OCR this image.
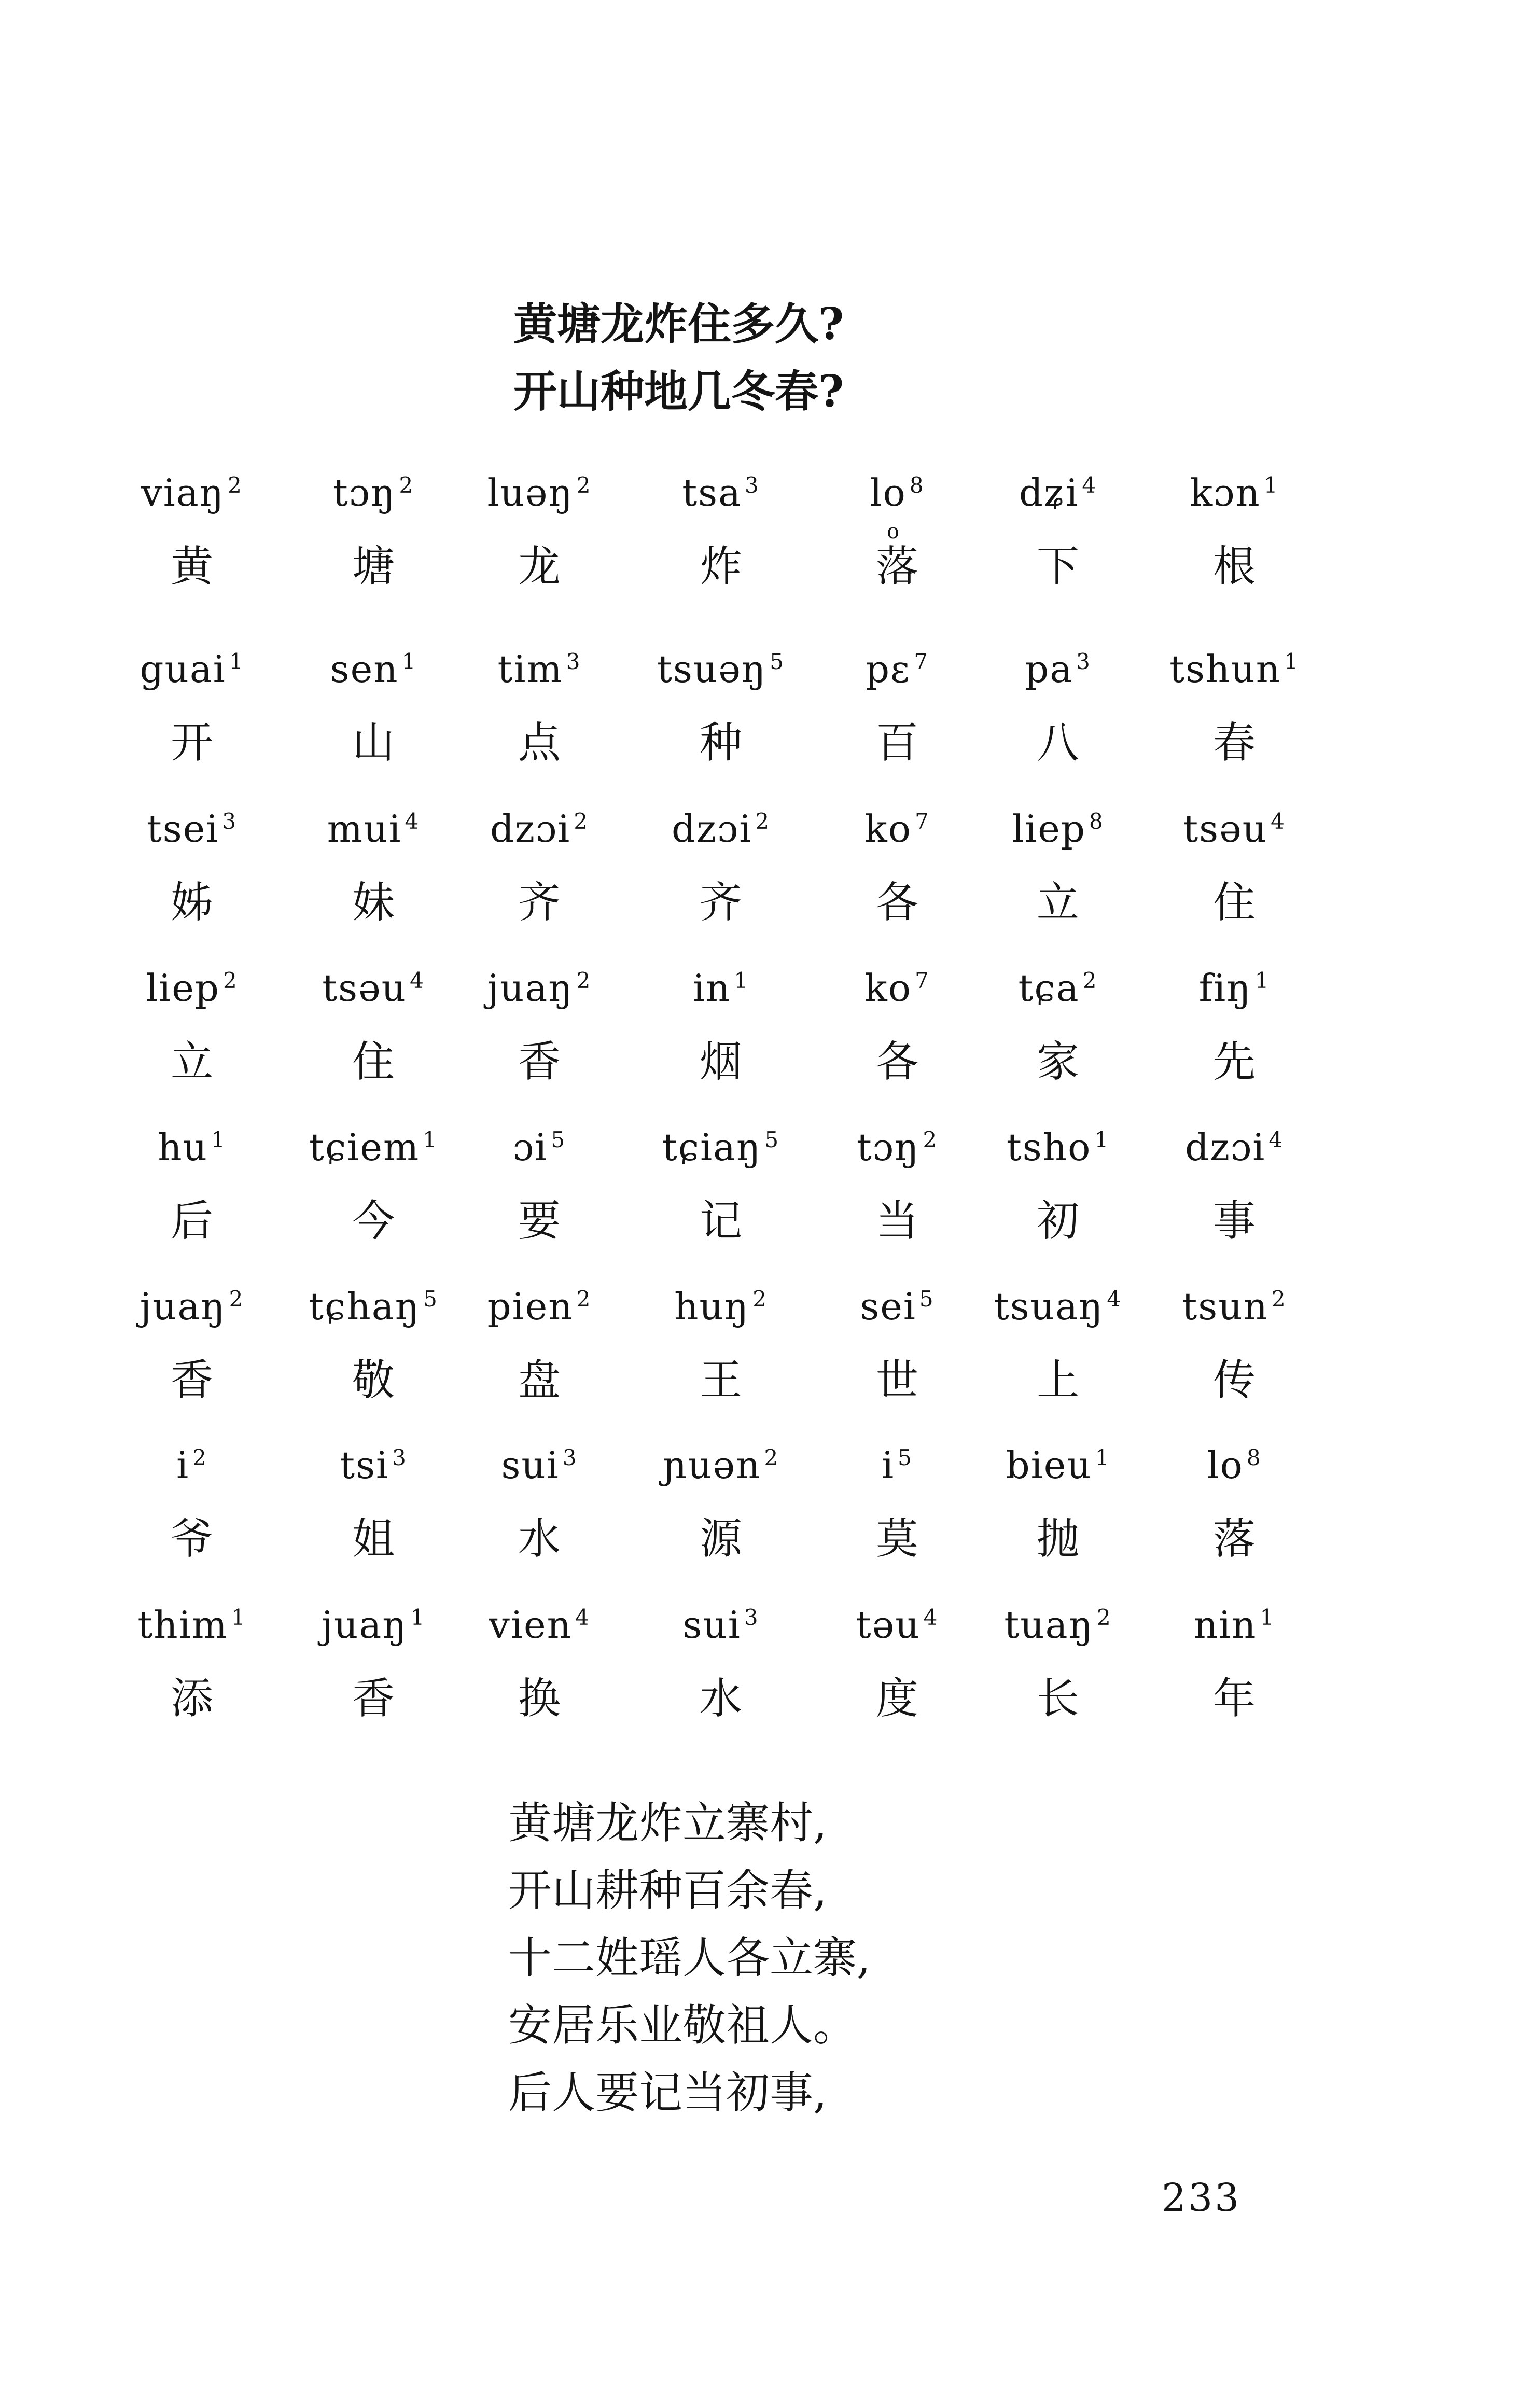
黄塘龙炸住多久?
开山种地几冬春?
viaŋ $^2$
黄
tɔŋ $^2$
塘
luəŋ $^2$
龙
tsa $^3$
炸
lo $^8$
o
落
dʑi $^4$
下
kɔn $^1$
根
guai $^1$
开
sen $^1$
山
tim $^3$
点
tsuəŋ $^5$
种
pε $^7$
百
pa $^3$
八
tshun $^1$
春
tsei $^3$
姊
mui $^4$
妹
dzɔi $^2$
齐
dzɔi $^2$
齐
ko $^7$
各
liep $^8$
立
tsəu $^4$
住
liep $^2$
立
tsəu $^4$
住
juaŋ $^2$
香
in $^1$
烟
ko $^7$
各
tɕa $^2$
家
fiŋ $^1$
先
hu $^1$
后
tɕiem $^1$
今
ɔi $^5$
要
tɕiaŋ $^5$
记
tɔŋ $^2$
当
tsho $^1$
初
dzɔi $^4$
事
juaŋ $^2$
香
tɕhaŋ $^5$
敬
pien $^2$
盘
huŋ $^2$
王
sei $^5$
世
tsuaŋ $^4$
上
tsun $^2$
传
i $^2$
爷
tsi $^3$
姐
sui $^3$
水
ɲuən $^2$
源
i $^5$
莫
bieu $^1$
抛
lo $^8$
落
thim $^1$
添
juaŋ $^1$
香
vien $^4$
换
sui $^3$
水
təu $^4$
度
tuaŋ $^2$
长
nin $^1$
年
黄塘龙炸立寨村,
开山耕种百余春,
十二姓瑶人各立寨,
安居乐业敬祖人。
后人要记当初事,
233
